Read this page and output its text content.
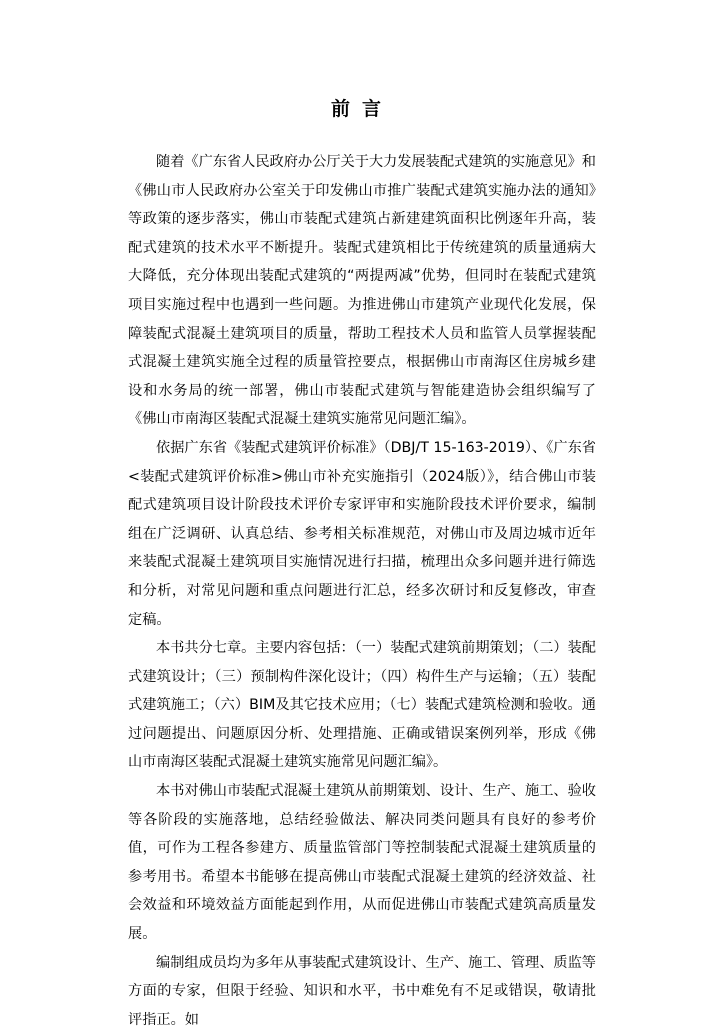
前言

随着《广东省人民政府办公厅关于大力发展装配式建筑的实施意见》和《佛山市人民政府办公室关于印发佛山市推广装配式建筑实施办法的通知》等政策的逐步落实，佛山市装配式建筑占新建建筑面积比例逐年升高，装配式建筑的技术水平不断提升。装配式建筑相比于传统建筑的质量通病大大降低，充分体现出装配式建筑的“两提两减”优势，但同时在装配式建筑项目实施过程中也遇到一些问题。为推进佛山市建筑产业现代化发展，保障装配式混凝土建筑项目的质量，帮助工程技术人员和监管人员掌握装配式混凝土建筑实施全过程的质量管控要点，根据佛山市南海区住房城乡建设和水务局的统一部署，佛山市装配式建筑与智能建造协会组织编写了《佛山市南海区装配式混凝土建筑实施常见问题汇编》。

依据广东省《装配式建筑评价标准》（DBJ/T 15-163-2019）、《广东省<装配式建筑评价标准>佛山市补充实施指引（2024版）》，结合佛山市装配式建筑项目设计阶段技术评价专家评审和实施阶段技术评价要求，编制组在广泛调研、认真总结、参考相关标准规范，对佛山市及周边城市近年来装配式混凝土建筑项目实施情况进行扫描，梳理出众多问题并进行筛选和分析，对常见问题和重点问题进行汇总，经多次研讨和反复修改，审查定稿。

本书共分七章。主要内容包括：（一）装配式建筑前期策划；（二）装配式建筑设计；（三）预制构件深化设计；（四）构件生产与运输；（五）装配式建筑施工；（六）BIM及其它技术应用；（七）装配式建筑检测和验收。通过问题提出、问题原因分析、处理措施、正确或错误案例列举，形成《佛山市南海区装配式混凝土建筑实施常见问题汇编》。

本书对佛山市装配式混凝土建筑从前期策划、设计、生产、施工、验收等各阶段的实施落地，总结经验做法、解决同类问题具有良好的参考价值，可作为工程各参建方、质量监管部门等控制装配式混凝土建筑质量的参考用书。希望本书能够在提高佛山市装配式混凝土建筑的经济效益、社会效益和环境效益方面能起到作用，从而促进佛山市装配式建筑高质量发展。

编制组成员均为多年从事装配式建筑设计、生产、施工、管理、质监等方面的专家，但限于经验、知识和水平，书中难免有不足或错误，敬请批评指正。如
